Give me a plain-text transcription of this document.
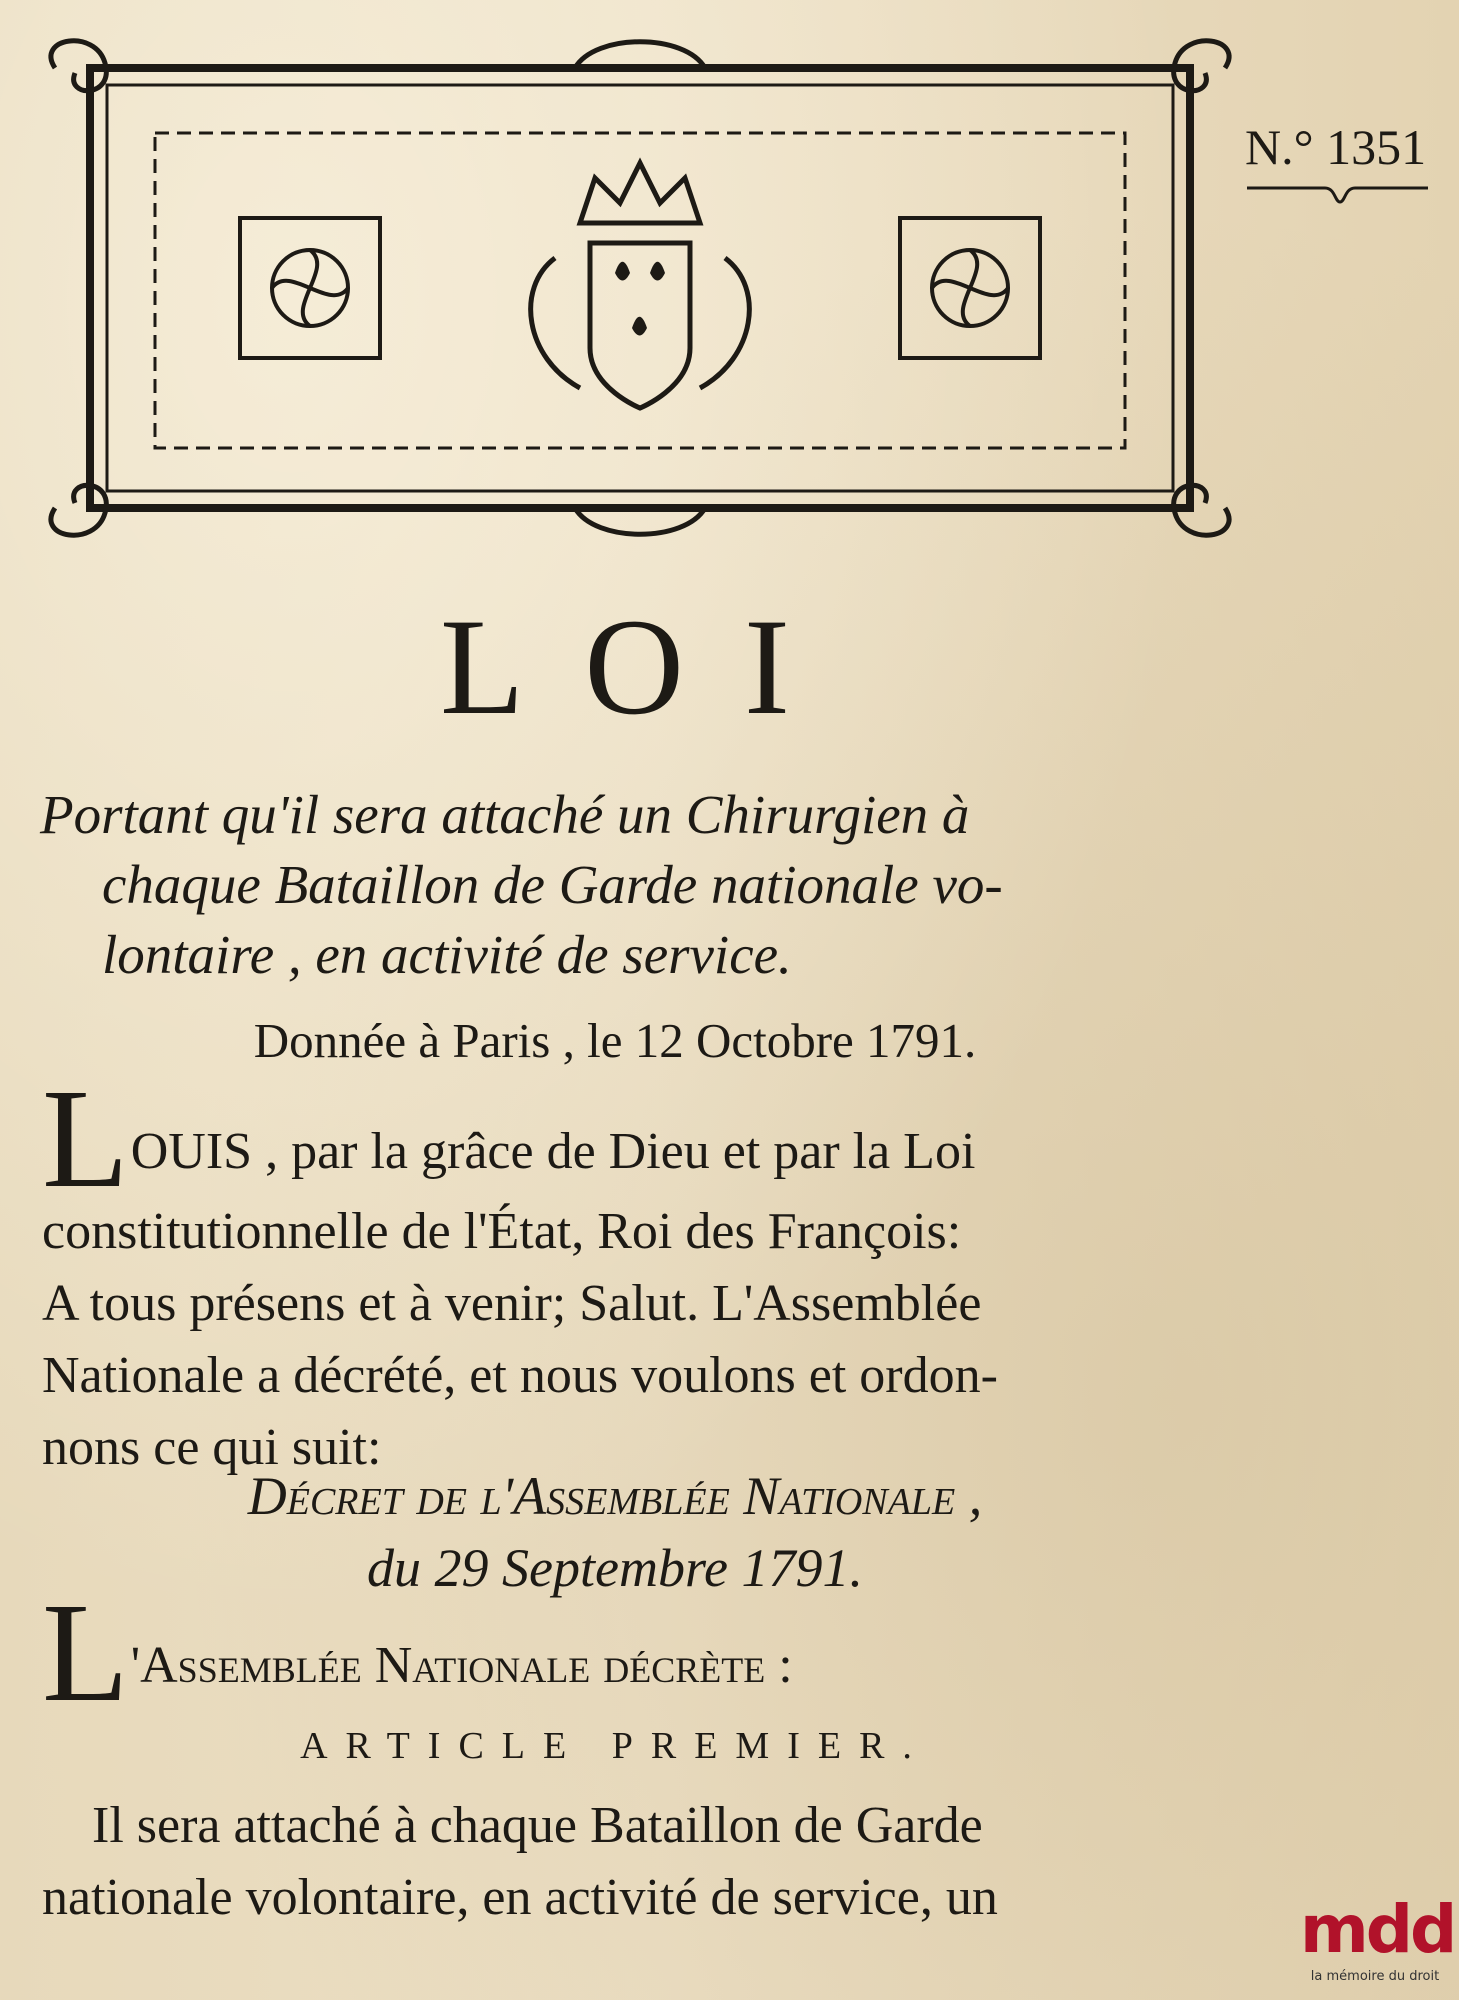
N.° 1351
LOI
Portant qu'il sera attaché un Chirurgien à
chaque Bataillon de Garde nationale vo-
lontaire , en activité de service.
Donnée à Paris , le 12 Octobre 1791.
LOUIS , par la grâce de Dieu et par la Loi
constitutionnelle de l'État, Roi des François:
A tous présens et à venir; Salut. L'Assemblée
Nationale a décrété, et nous voulons et ordon-
nons ce qui suit:
Décret de l'Assemblée Nationale ,
du 29 Septembre 1791.
L'Assemblée Nationale décrète :
ARTICLE PREMIER.
Il sera attaché à chaque Bataillon de Garde
nationale volontaire, en activité de service, un	mdd
la mémoire du droit
